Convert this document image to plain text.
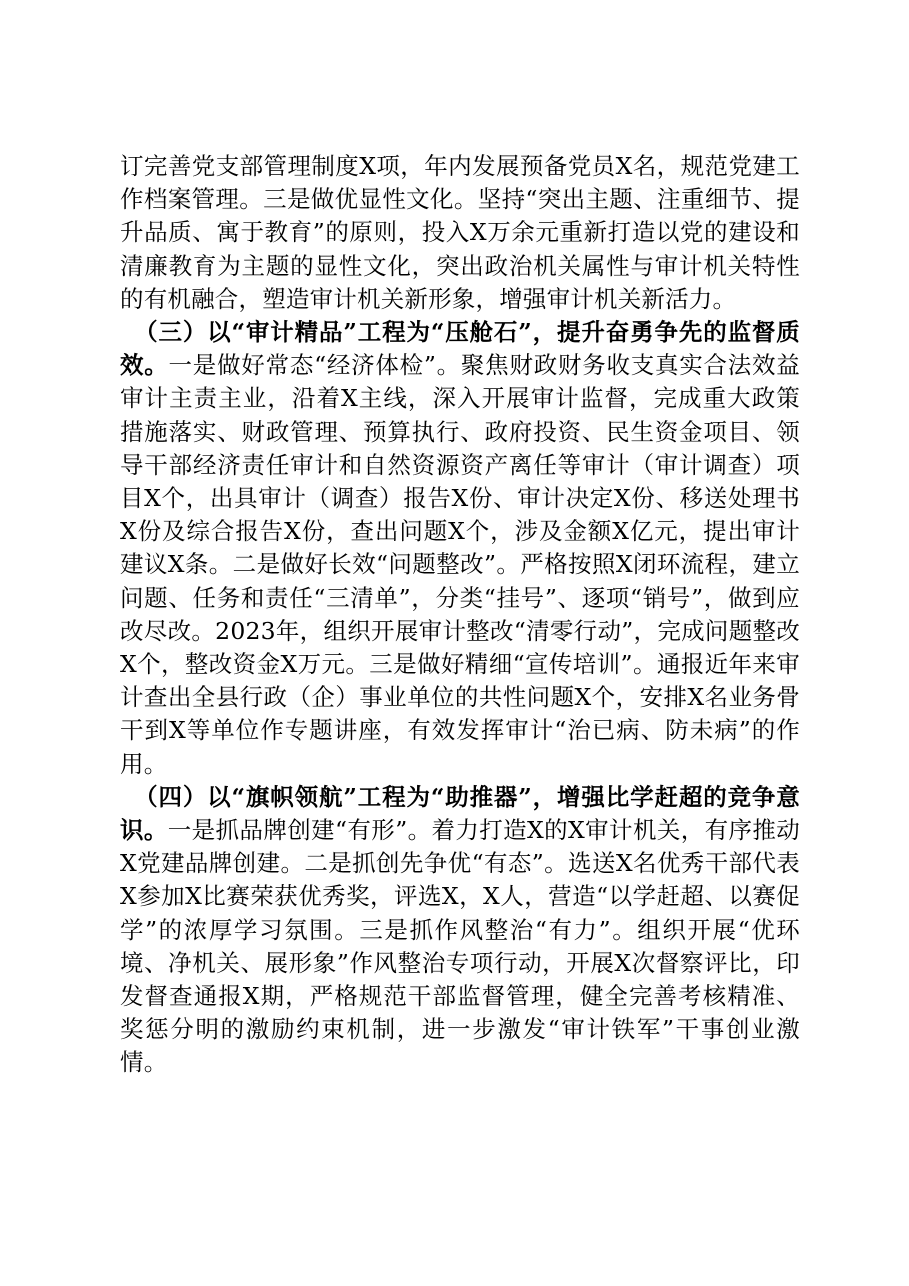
订完善党支部管理制度X项，年内发展预备党员X名，规范党建工作档案管理。三是做优显性文化。坚持“突出主题、注重细节、提升品质、寓于教育”的原则，投入X万余元重新打造以党的建设和清廉教育为主题的显性文化，突出政治机关属性与审计机关特性的有机融合，塑造审计机关新形象，增强审计机关新活力。

（三）以“审计精品”工程为“压舱石”，提升奋勇争先的监督质效。一是做好常态“经济体检”。聚焦财政财务收支真实合法效益审计主责主业，沿着X主线，深入开展审计监督，完成重大政策措施落实、财政管理、预算执行、政府投资、民生资金项目、领导干部经济责任审计和自然资源资产离任等审计（审计调查）项目X个，出具审计（调查）报告X份、审计决定X份、移送处理书X份及综合报告X份，查出问题X个，涉及金额X亿元，提出审计建议X条。二是做好长效“问题整改”。严格按照X闭环流程，建立问题、任务和责任“三清单”，分类“挂号”、逐项“销号”，做到应改尽改。2023年，组织开展审计整改“清零行动”，完成问题整改X个，整改资金X万元。三是做好精细“宣传培训”。通报近年来审计查出全县行政（企）事业单位的共性问题X个，安排X名业务骨干到X等单位作专题讲座，有效发挥审计“治已病、防未病”的作用。

（四）以“旗帜领航”工程为“助推器”，增强比学赶超的竞争意识。一是抓品牌创建“有形”。着力打造X的X审计机关，有序推动X党建品牌创建。二是抓创先争优“有态”。选送X名优秀干部代表X参加X比赛荣获优秀奖，评选X，X人，营造“以学赶超、以赛促学”的浓厚学习氛围。三是抓作风整治“有力”。组织开展“优环境、净机关、展形象”作风整治专项行动，开展X次督察评比，印发督查通报X期，严格规范干部监督管理，健全完善考核精准、奖惩分明的激励约束机制，进一步激发“审计铁军”干事创业激情。
